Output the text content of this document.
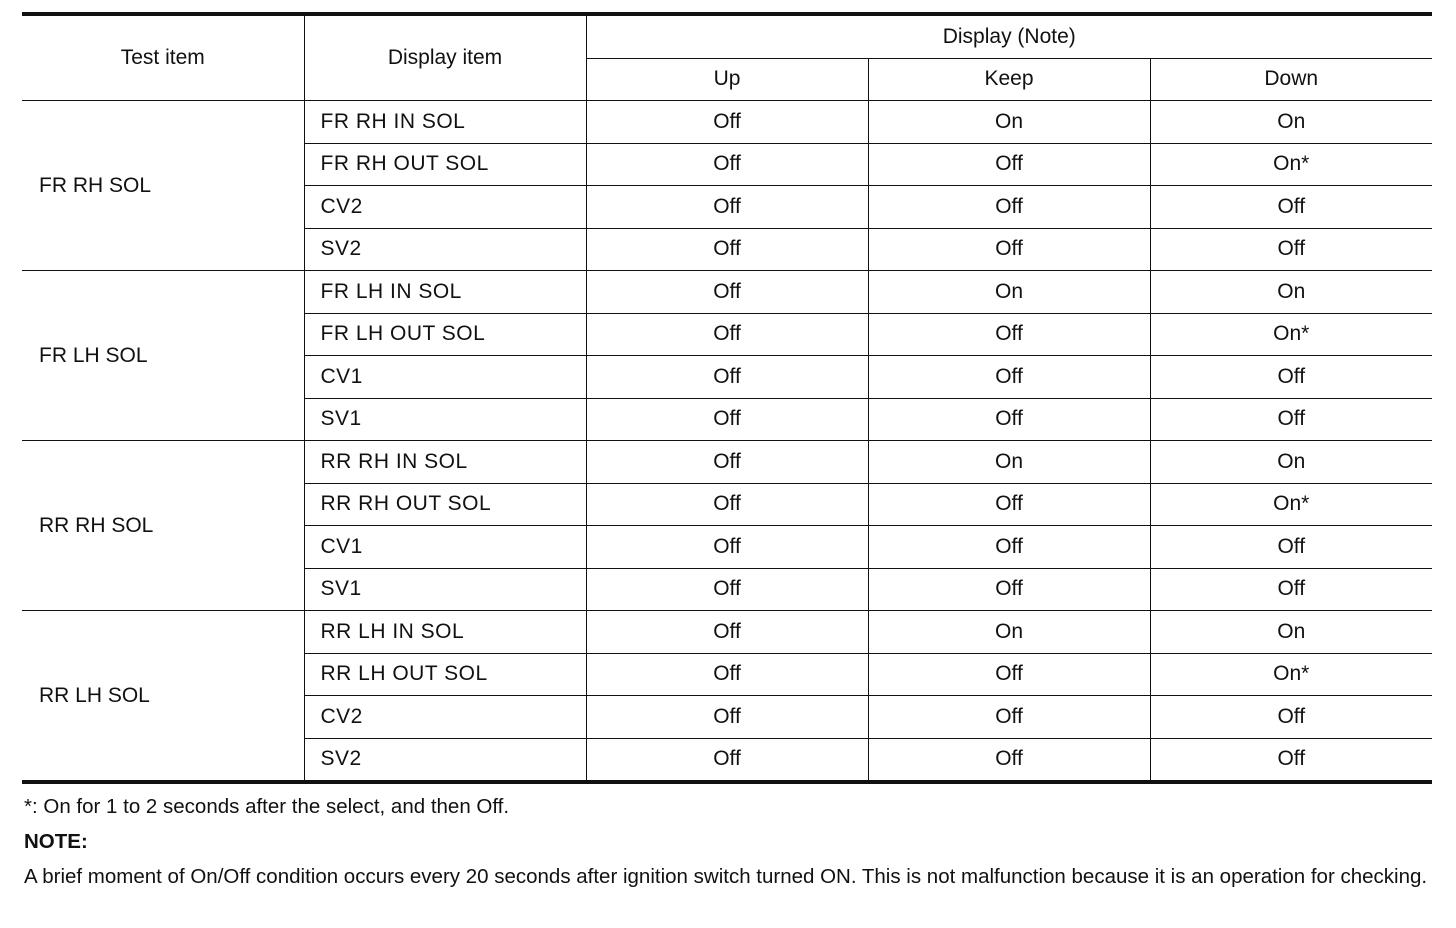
Test item	Display item	Display (Note)		
		Up	Keep	Down
FR RH SOL	FR RH IN SOL	Off	On	On
	FR RH OUT SOL	Off	Off	On*
	CV2	Off	Off	Off
	SV2	Off	Off	Off
FR LH SOL	FR LH IN SOL	Off	On	On
	FR LH OUT SOL	Off	Off	On*
	CV1	Off	Off	Off
	SV1	Off	Off	Off
RR RH SOL	RR RH IN SOL	Off	On	On
	RR RH OUT SOL	Off	Off	On*
	CV1	Off	Off	Off
	SV1	Off	Off	Off
RR LH SOL	RR LH IN SOL	Off	On	On
	RR LH OUT SOL	Off	Off	On*
	CV2	Off	Off	Off
	SV2	Off	Off	Off
*: On for 1 to 2 seconds after the select, and then Off.
NOTE:
A brief moment of On/Off condition occurs every 20 seconds after ignition switch turned ON. This is not malfunction because it is an operation for checking.
